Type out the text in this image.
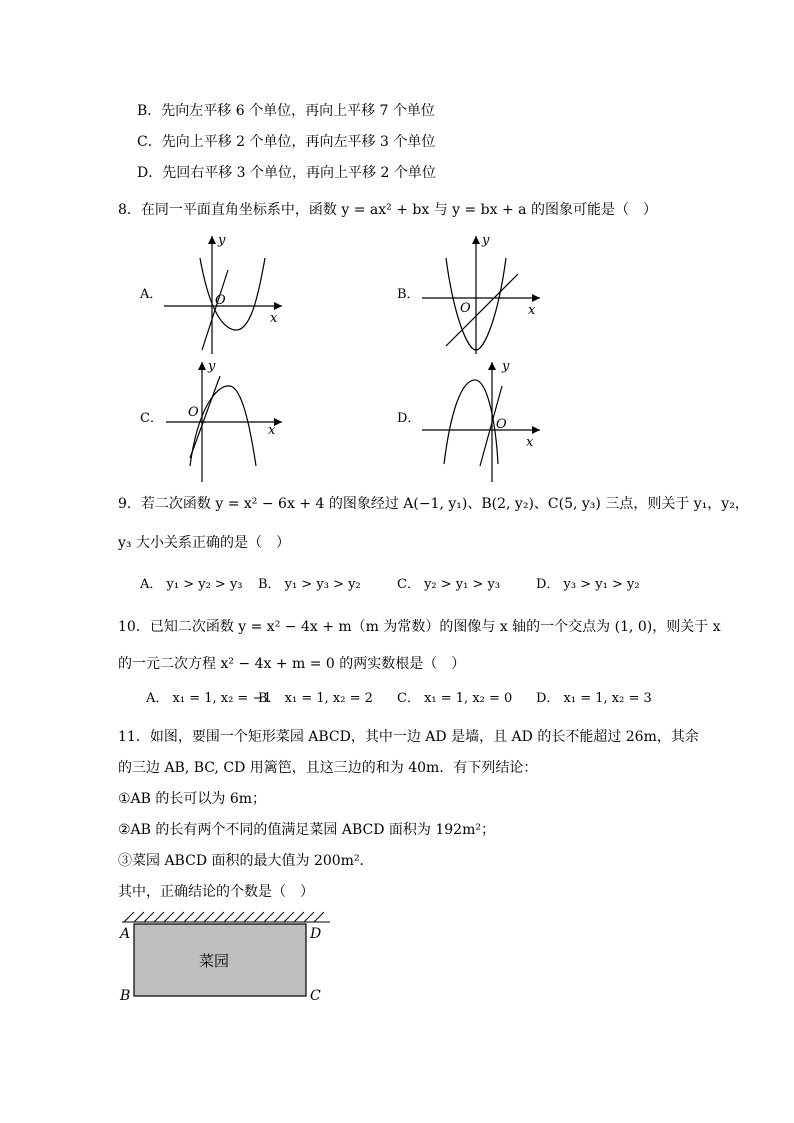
B．先向左平移 6 个单位，再向上平移 7 个单位
C．先向上平移 2 个单位，再向左平移 3 个单位
D．先回右平移 3 个单位，再向上平移 2 个单位
8．在同一平面直角坐标系中，函数 y = ax² + bx 与 y = bx + a 的图象可能是（　）
A．
y
x
O	B．
y
x
O
C．
y
x
O	D．
y
x
O
9．若二次函数 y = x² − 6x + 4 的图象经过 A(−1, y₁)、B(2, y₂)、C(5, y₃) 三点，则关于 y₁，y₂，
y₃ 大小关系正确的是（　）
A． y₁ > y₂ > y₃ B． y₁ > y₃ > y₂	C． y₂ > y₁ > y₃	D． y₃ > y₁ > y₂
10．已知二次函数 y = x² − 4x + m（m 为常数）的图像与 x 轴的一个交点为 (1, 0)，则关于 x
的一元二次方程 x² − 4x + m = 0 的两实数根是（　）
A． x₁ = 1, x₂ = −1
B． x₁ = 1, x₂ = 2 C． x₁ = 1, x₂ = 0 D． x₁ = 1, x₂ = 3
11．如图，要围一个矩形菜园 ABCD，其中一边 AD 是墙，且 AD 的长不能超过 26m，其余
的三边 AB, BC, CD 用篱笆，且这三边的和为 40m．有下列结论：
①AB 的长可以为 6m；
②AB 的长有两个不同的值满足菜园 ABCD 面积为 192m²；
③菜园 ABCD 面积的最大值为 200m²．
其中，正确结论的个数是（　）
菜园
A
B	C
D
